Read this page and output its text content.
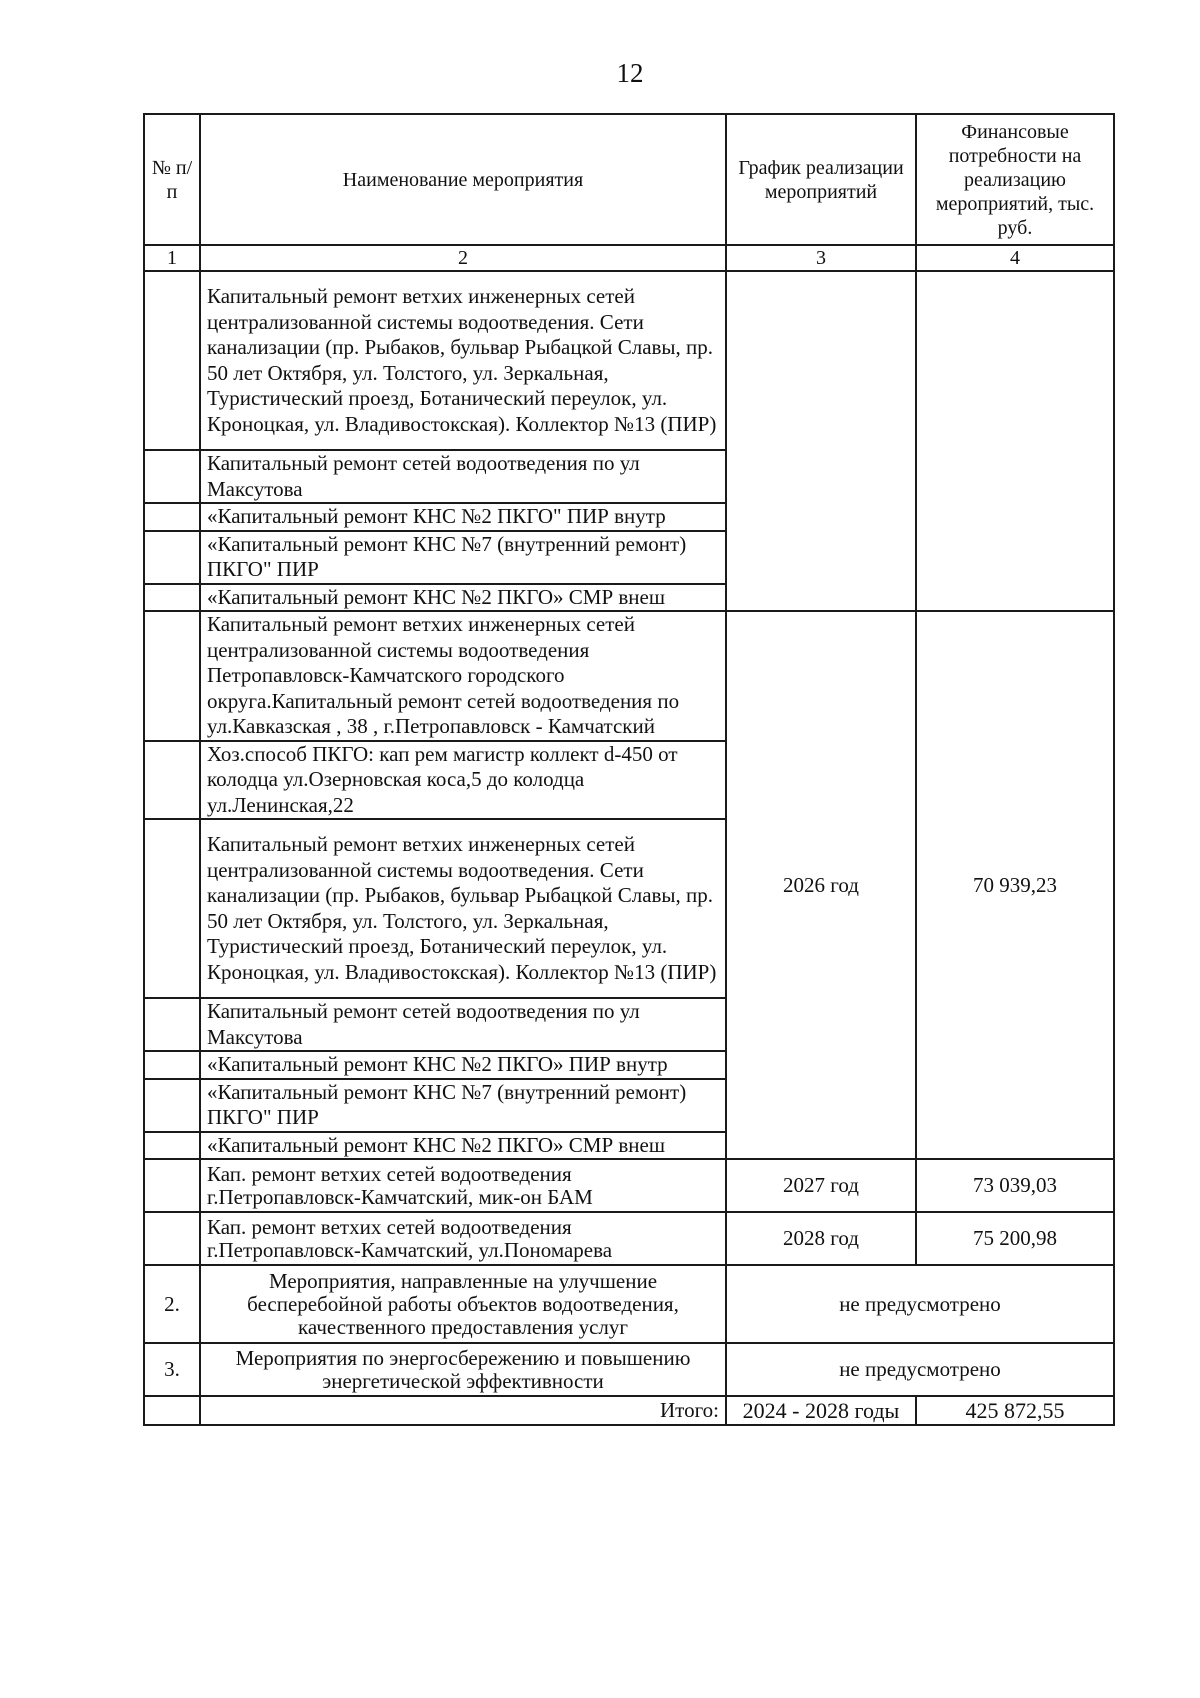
12
№ п/п	Наименование мероприятия	График реализации мероприятий	Финансовые потребности на реализацию мероприятий, тыс. руб.
1	2	3	4
	Капитальный ремонт ветхих инженерных сетей централизованной системы водоотведения. Сети канализации (пр. Рыбаков, бульвар Рыбацкой Славы, пр. 50 лет Октября, ул. Толстого, ул. Зеркальная, Туристический проезд, Ботанический переулок, ул. Кроноцкая, ул. Владивостокская). Коллектор №13 (ПИР)		
	Капитальный ремонт сетей водоотведения по ул Максутова		
	«Капитальный ремонт КНС №2 ПКГО" ПИР внутр		
	«Капитальный ремонт КНС №7 (внутренний ремонт) ПКГО" ПИР		
	«Капитальный ремонт КНС №2 ПКГО» СМР внеш		
	Капитальный ремонт ветхих инженерных сетей централизованной системы водоотведения Петропавловск-Камчатского городского округа.Капитальный ремонт сетей водоотведения по ул.Кавказская , 38 , г.Петропавловск - Камчатский	2026 год	70 939,23
	Хоз.способ ПКГО: кап рем магистр коллект d-450 от колодца ул.Озерновская коса,5 до колодца ул.Ленинская,22		
	Капитальный ремонт ветхих инженерных сетей централизованной системы водоотведения. Сети канализации (пр. Рыбаков, бульвар Рыбацкой Славы, пр. 50 лет Октября, ул. Толстого, ул. Зеркальная, Туристический проезд, Ботанический переулок, ул. Кроноцкая, ул. Владивостокская). Коллектор №13 (ПИР)		
	Капитальный ремонт сетей водоотведения по ул Максутова		
	«Капитальный ремонт КНС №2 ПКГО» ПИР внутр		
	«Капитальный ремонт КНС №7 (внутренний ремонт) ПКГО" ПИР		
	«Капитальный ремонт КНС №2 ПКГО» СМР внеш		
	Кап. ремонт ветхих сетей водоотведения г.Петропавловск-Камчатский, мик-он БАМ	2027 год	73 039,03
	Кап. ремонт ветхих сетей водоотведения г.Петропавловск-Камчатский, ул.Пономарева	2028 год	75 200,98
2.	Мероприятия, направленные на улучшение бесперебойной работы объектов водоотведения, качественного предоставления услуг	не предусмотрено	
3.	Мероприятия по энергосбережению и повышению энергетической эффективности	не предусмотрено	
	Итого:	2024 - 2028 годы	425 872,55
